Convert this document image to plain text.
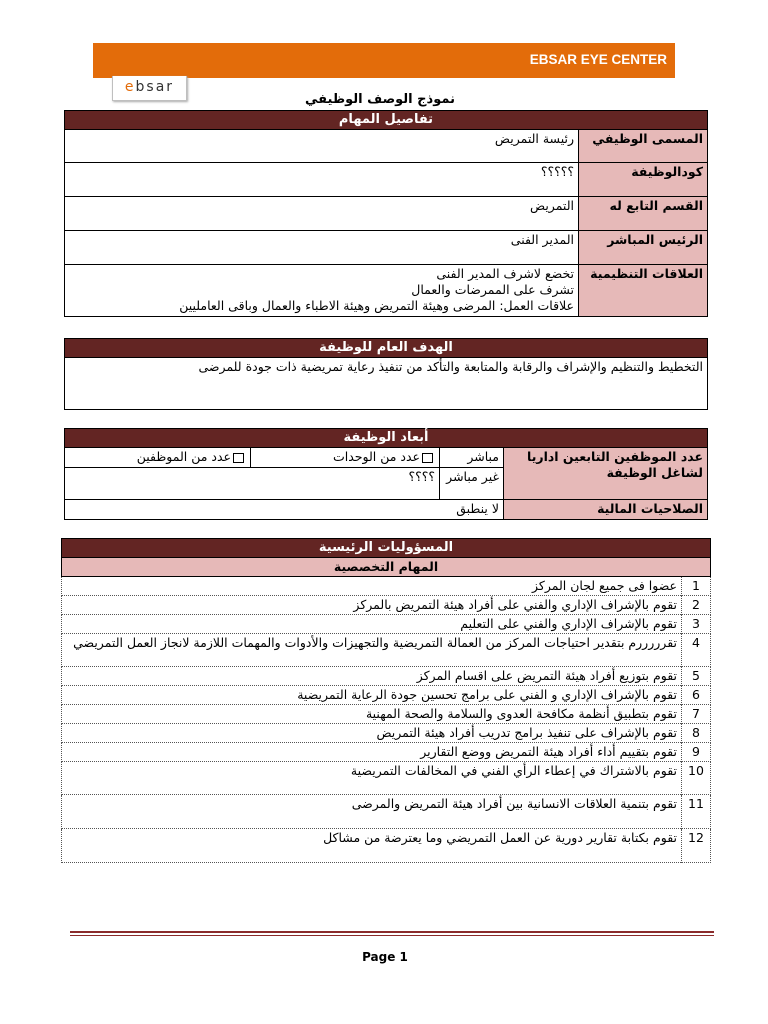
EBSAR EYE CENTER
ebsar
نموذج الوصف الوظيفي
تفاصيل المهام	
المسمى الوظيفي	رئيسة التمريض
كودالوظيفة	؟؟؟؟؟
القسم التابع له	التمريض
الرئيس المباشر	المدير الفنى
العلاقات التنظيمية	تخضع لاشرف المدير الفنى
تشرف على الممرضات والعمال
علاقات العمل: المرضى وهيئة التمريض وهيئة الاطباء والعمال وباقى العامليين
الهدف العام للوظيفة
التخطيط والتنظيم والإشراف والرقابة والمتابعة والتأكد من تنفيذ رعاية تمريضية ذات جودة للمرضى
أبعاد الوظيفة			
عدد الموظفين التابعين اداريا لشاغل الوظيفة	مباشر	عدد من الوحدات	عدد من الموظفين
	غير مباشر	؟؟؟؟	
الصلاحيات المالية	لا ينطبق		
المسؤوليات الرئيسية	
المهام التخصصية	
1	عضوا فى جميع لجان المركز
2	تقوم بالإشراف الإداري والفني على أفراد هيئة التمريض بالمركز
3	تقوم بالإشراف الإداري والفني على التعليم
4	تقرررررم بتقدير احتياجات المركز من العمالة التمريضية والتجهيزات والأدوات والمهمات اللازمة لانجاز العمل التمريضي
5	تقوم بتوزيع أفراد هيئة التمريض على اقسام المركز
6	تقوم بالإشراف الإداري و الفني على برامج تحسين جودة الرعاية التمريضية
7	تقوم بتطبيق أنظمة مكافحة العدوى والسلامة والصحة المهنية
8	تقوم بالإشراف على تنفيذ برامج تدريب أفراد هيئة التمريض
9	تقوم بتقييم أداء أفراد هيئة التمريض ووضع التقارير
10	تقوم بالاشتراك في إعطاء الرأي الفني في المخالفات التمريضية
11	تقوم بتنمية العلاقات الانسانية بين أفراد هيئة التمريض والمرضى
12	تقوم بكتابة تقارير دورية عن العمل التمريضي وما يعترضة من مشاكل
Page 1
